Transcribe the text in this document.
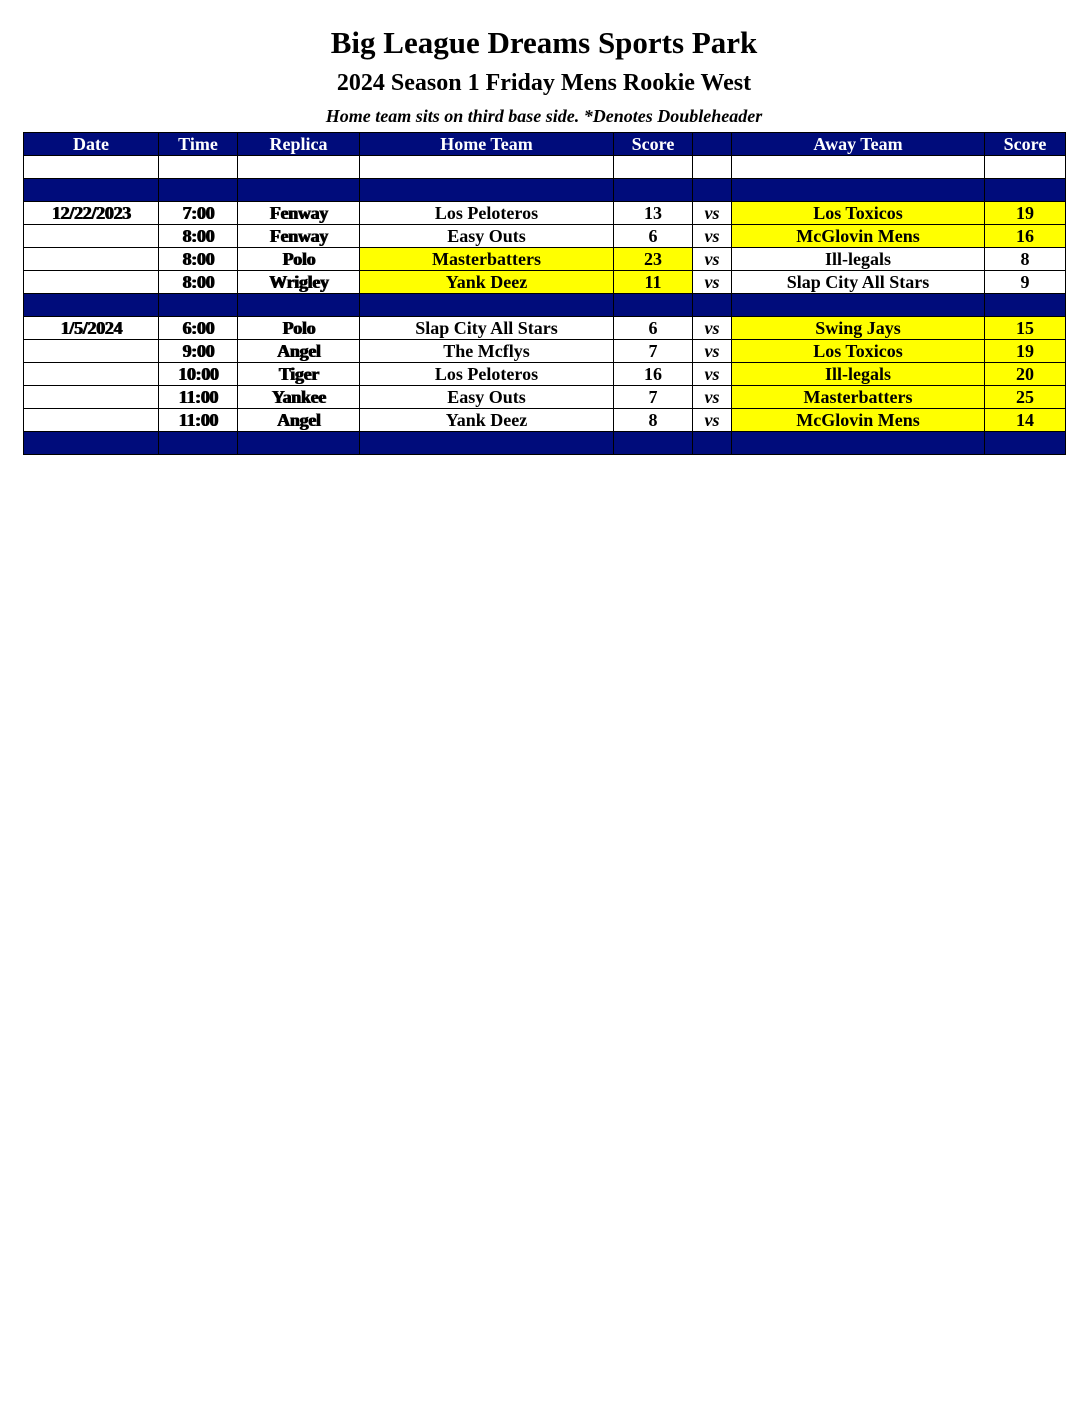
Big League Dreams Sports Park
2024 Season 1 Friday Mens Rookie West
Home team sits on third base side. *Denotes Doubleheader
Date	Time	Replica	Home Team	Score		Away Team	Score

12/22/2023	7:00	Fenway	Los Peloteros	13	vs	Los Toxicos	19
	8:00	Fenway	Easy Outs	6	vs	McGlovin Mens	16
	8:00	Polo	Masterbatters	23	vs	Ill-legals	8
	8:00	Wrigley	Yank Deez	11	vs	Slap City All Stars	9

1/5/2024	6:00	Polo	Slap City All Stars	6	vs	Swing Jays	15
	9:00	Angel	The Mcflys	7	vs	Los Toxicos	19
	10:00	Tiger	Los Peloteros	16	vs	Ill-legals	20
	11:00	Yankee	Easy Outs	7	vs	Masterbatters	25
	11:00	Angel	Yank Deez	8	vs	McGlovin Mens	14
